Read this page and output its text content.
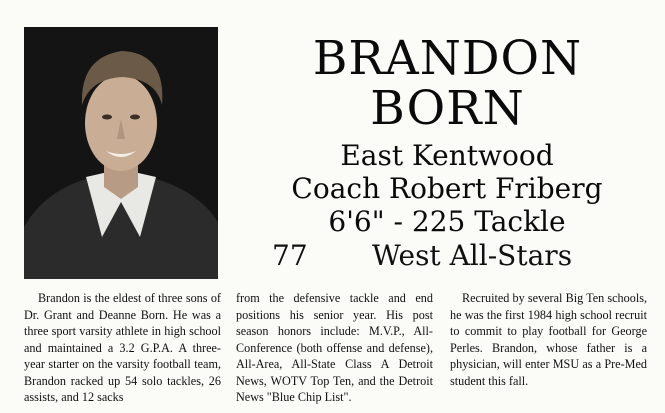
BRANDON
BORN
East Kentwood
Coach Robert Friberg
6'6" - 225 Tackle
77 West All-Stars
Brandon is the eldest of three sons of Dr. Grant and Deanne Born. He was a three sport varsity athlete in high school and maintained a 3.2 G.P.A. A three-year starter on the varsity football team, Brandon racked up 54 solo tackles, 26 assists, and 12 sacks
from the defensive tackle and end positions his senior year. His post season honors include: M.V.P., All-Conference (both offense and defense), All-Area, All-State Class A Detroit News, WOTV Top Ten, and the Detroit News "Blue Chip List".
Recruited by several Big Ten schools, he was the first 1984 high school recruit to commit to play football for George Perles. Brandon, whose father is a physician, will enter MSU as a Pre-Med student this fall.
